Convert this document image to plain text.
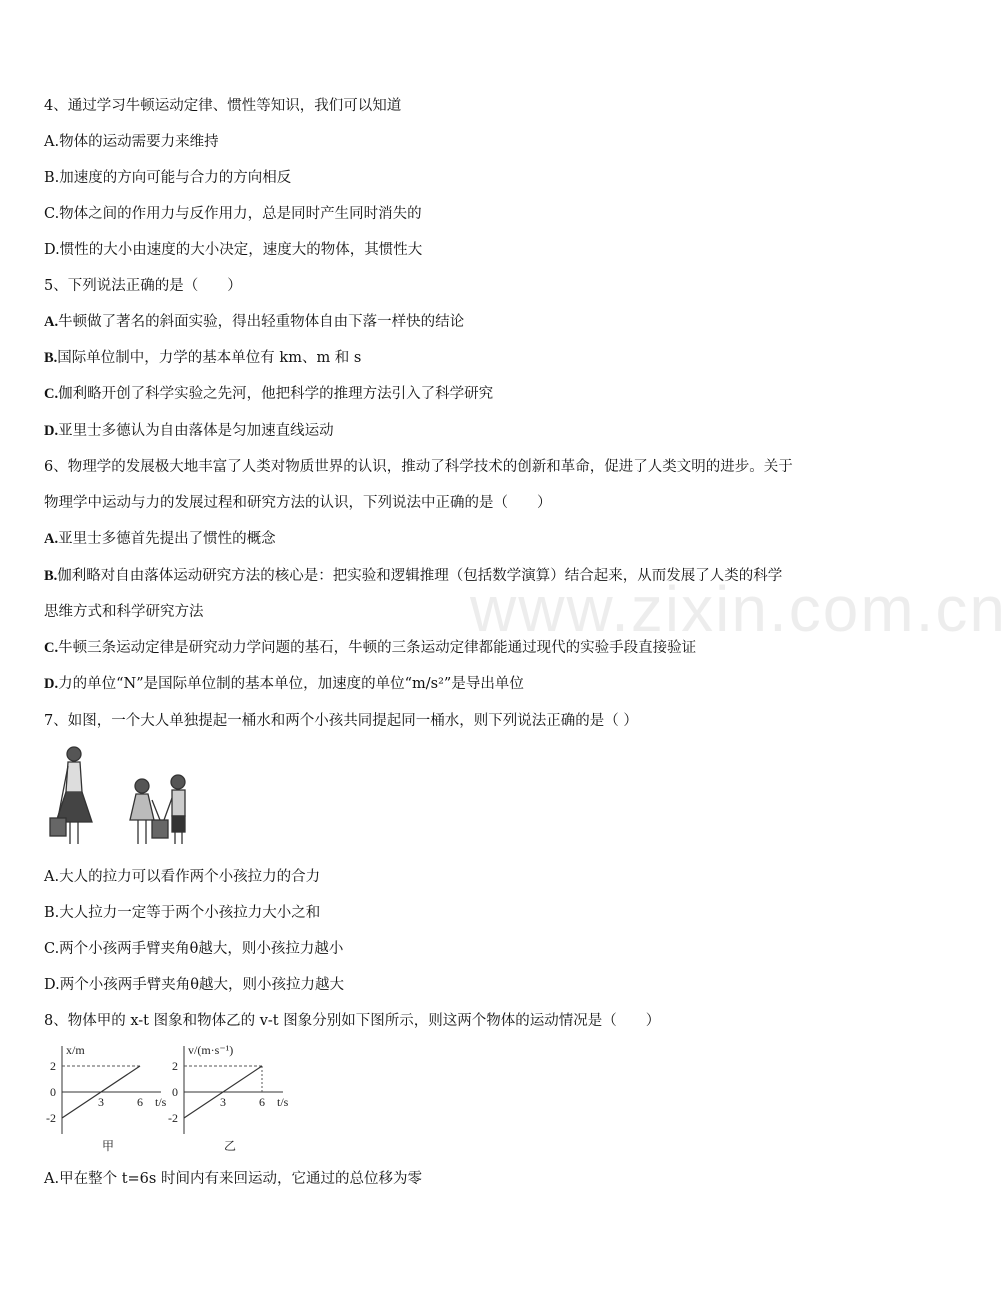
www.zixin.com.cn
4、通过学习牛顿运动定律、惯性等知识，我们可以知道
A.物体的运动需要力来维持
B.加速度的方向可能与合力的方向相反
C.物体之间的作用力与反作用力，总是同时产生同时消失的
D.惯性的大小由速度的大小决定，速度大的物体，其惯性大
5、下列说法正确的是（　　）
A.牛顿做了著名的斜面实验，得出轻重物体自由下落一样快的结论
B.国际单位制中，力学的基本单位有 km、m 和 s
C.伽利略开创了科学实验之先河，他把科学的推理方法引入了科学研究
D.亚里士多德认为自由落体是匀加速直线运动
6、物理学的发展极大地丰富了人类对物质世界的认识，推动了科学技术的创新和革命，促进了人类文明的进步。关于
物理学中运动与力的发展过程和研究方法的认识，下列说法中正确的是（　　）
A.亚里士多德首先提出了惯性的概念
B.伽利略对自由落体运动研究方法的核心是：把实验和逻辑推理（包括数学演算）结合起来，从而发展了人类的科学
思维方式和科学研究方法
C.牛顿三条运动定律是研究动力学问题的基石，牛顿的三条运动定律都能通过现代的实验手段直接验证
D.力的单位“N”是国际单位制的基本单位，加速度的单位“m/s²”是导出单位
7、如图，一个大人单独提起一桶水和两个小孩共同提起同一桶水，则下列说法正确的是（ ）
A.大人的拉力可以看作两个小孩拉力的合力
B.大人拉力一定等于两个小孩拉力大小之和
C.两个小孩两手臂夹角θ越大，则小孩拉力越小
D.两个小孩两手臂夹角θ越大，则小孩拉力越大
8、物体甲的 x-t 图象和物体乙的 v-t 图象分别如下图所示，则这两个物体的运动情况是（　　）
x/m
t/s
2
0
-2
3	6
甲
v/(m·s⁻¹)
t/s
2
0
-2
3	6
乙
A.甲在整个 t=6s 时间内有来回运动，它通过的总位移为零
